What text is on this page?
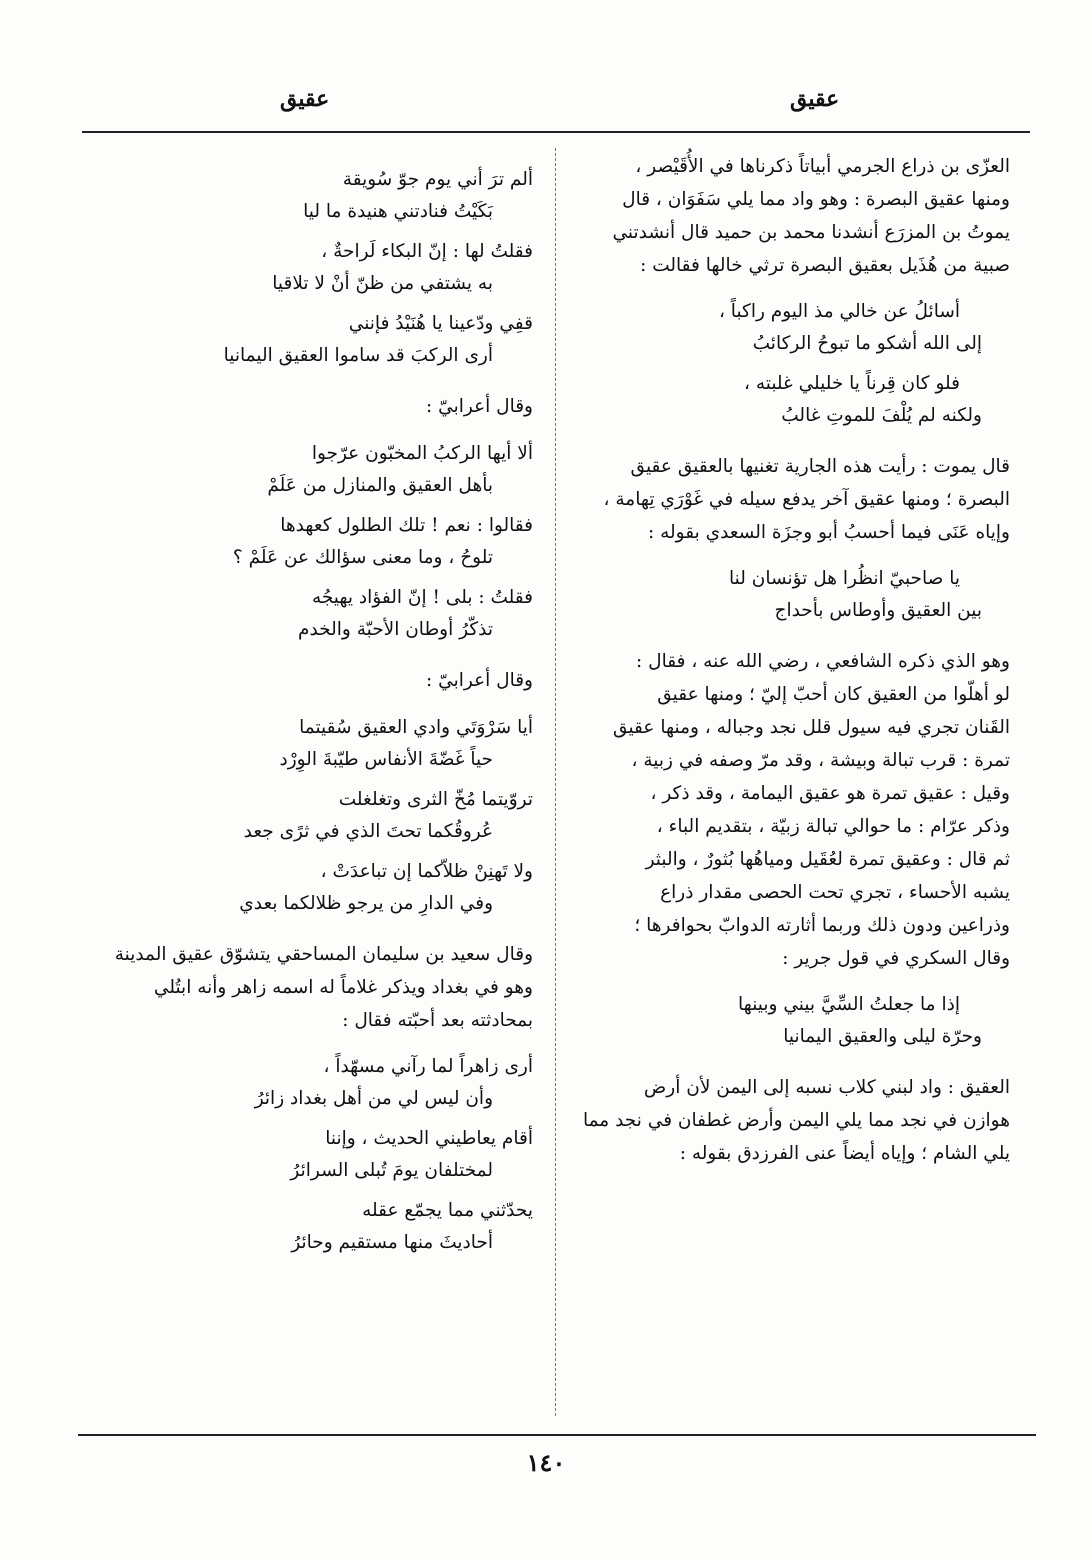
عقيق
عقيق
العزّى بن ذراع الجرمي أبياتاً ذكرناها في الأُقَيْصر ،
ومنها عقيق البصرة : وهو واد مما يلي سَفَوَان ، قال
يموتُ بن المزرَع أنشدنا محمد بن حميد قال أنشدتني
صبية من هُذَيل بعقيق البصرة ترثي خالها فقالت :
أسائلُ عن خالي مذ اليوم راكباً ،
إلى الله أشكو ما تبوحُ الركائبُ
فلو كان قِرناً يا خليلي غلبته ،
ولكنه لم يُلْفَ للموتِ غالبُ
قال يموت : رأيت هذه الجارية تغنيها بالعقيق عقيق
البصرة ؛ ومنها عقيق آخر يدفع سيله في غَوْرَي تِهامة ،
وإياه عَنَى فيما أحسبُ أبو وجزَة السعدي بقوله :
يا صاحبيّ انظُرا هل تؤنسان لنا
بين العقيق وأوطاس بأحداج
وهو الذي ذكره الشافعي ، رضي الله عنه ، فقال :
لو أهلّوا من العقيق كان أحبّ إليّ ؛ ومنها عقيق
القَنان تجري فيه سيول قلل نجد وجباله ، ومنها عقيق
تمرة : قرب تبالة وبيشة ، وقد مرّ وصفه في زبية ،
وقيل : عقيق تمرة هو عقيق اليمامة ، وقد ذكر ،
وذكر عرّام : ما حوالي تبالة زبيّة ، بتقديم الباء ،
ثم قال : وعقيق تمرة لعُقَيل ومياهُها بُثورٌ ، والبثر
يشبه الأحساء ، تجري تحت الحصى مقدار ذراع
وذراعين ودون ذلك وربما أثارته الدوابّ بحوافرها ؛
وقال السكري في قول جرير :
إذا ما جعلتُ السِّيَّ بيني وبينها
وحرّة ليلى والعقيق اليمانيا
العقيق : واد لبني كلاب نسبه إلى اليمن لأن أرض
هوازن في نجد مما يلي اليمن وأرض غطفان في نجد مما
يلي الشام ؛ وإياه أيضاً عنى الفرزدق بقوله :
ألم ترَ أني يوم جوّ سُويقة
بَكَيْتُ فنادتني هنيدة ما ليا
فقلتُ لها : إنّ البكاء لَراحةٌ ،
به يشتفي من ظنّ أنْ لا تلاقيا
قفِي ودّعينا يا هُنَيْدُ فإنني
أرى الركبَ قد ساموا العقيق اليمانيا
وقال أعرابيّ :
ألا أيها الركبُ المخبّون عرّجوا
بأهل العقيق والمنازل من عَلَمْ
فقالوا : نعم ! تلك الطلول كعهدها
تلوحُ ، وما معنى سؤالك عن عَلَمْ ؟
فقلتُ : بلى ! إنّ الفؤاد يهيجُه
تذكّرُ أوطان الأحبّة والخدم
وقال أعرابيّ :
أيا سَرْوَتَي وادي العقيق سُقيتما
حياً غَضّةَ الأنفاس طيّبةَ الوِرْد
تروّيتما مُخّ الثرى وتغلغلت
عُروقُكما تحتَ الذي في ثرًى جعد
ولا تَهنِنْ ظلاّكما إن تباعدَتْ ،
وفي الدارِ من يرجو ظلالكما بعدي
وقال سعيد بن سليمان المساحقي يتشوّق عقيق المدينة
وهو في بغداد ويذكر غلاماً له اسمه زاهر وأنه ابتُلي
بمحادثته بعد أحبّته فقال :
أرى زاهراً لما رآني مسهّداً ،
وأن ليس لي من أهل بغداد زائرُ
أقام يعاطيني الحديث ، وإننا
لمختلفان يومَ تُبلى السرائرُ
يحدّثني مما يجمّع عقله
أحاديثَ منها مستقيم وحائرُ
١٤٠
